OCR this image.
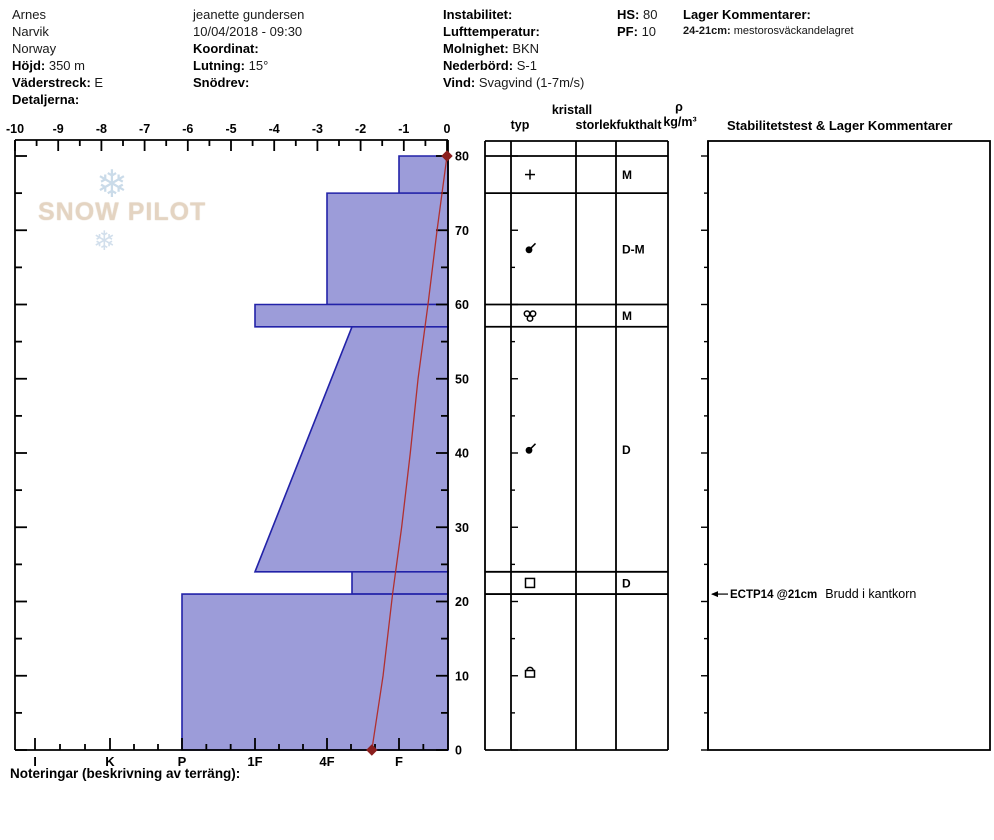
❄
SNOW PILOT
❄
Arnes
Narvik
Norway
Höjd: 350 m
Väderstreck: E
Detaljerna:
jeanette gundersen
10/04/2018 - 09:30
Koordinat:
Lutning: 15°
Snödrev:
Instabilitet:
Lufttemperatur:
Molnighet: BKN
Nederbörd: S-1
Vind: Svagvind (1-7m/s)
HS: 80
PF: 10
Lager Kommentarer:
24-21cm: mestorosväckandelagret
kristall
typ	storlek fukthalt
ρ
kg/m³	Stabilitetstest & Lager Kommentarer
-10 -9	-8	-7	-6	-5	-4	-3	-2	-1	0
80
70
60
50
40
30
20
10
0
I	K	P	1F	4F	F
M
D-M
M
D
D
ECTP14 @21cm Brudd i kantkorn
Noteringar (beskrivning av terräng):
